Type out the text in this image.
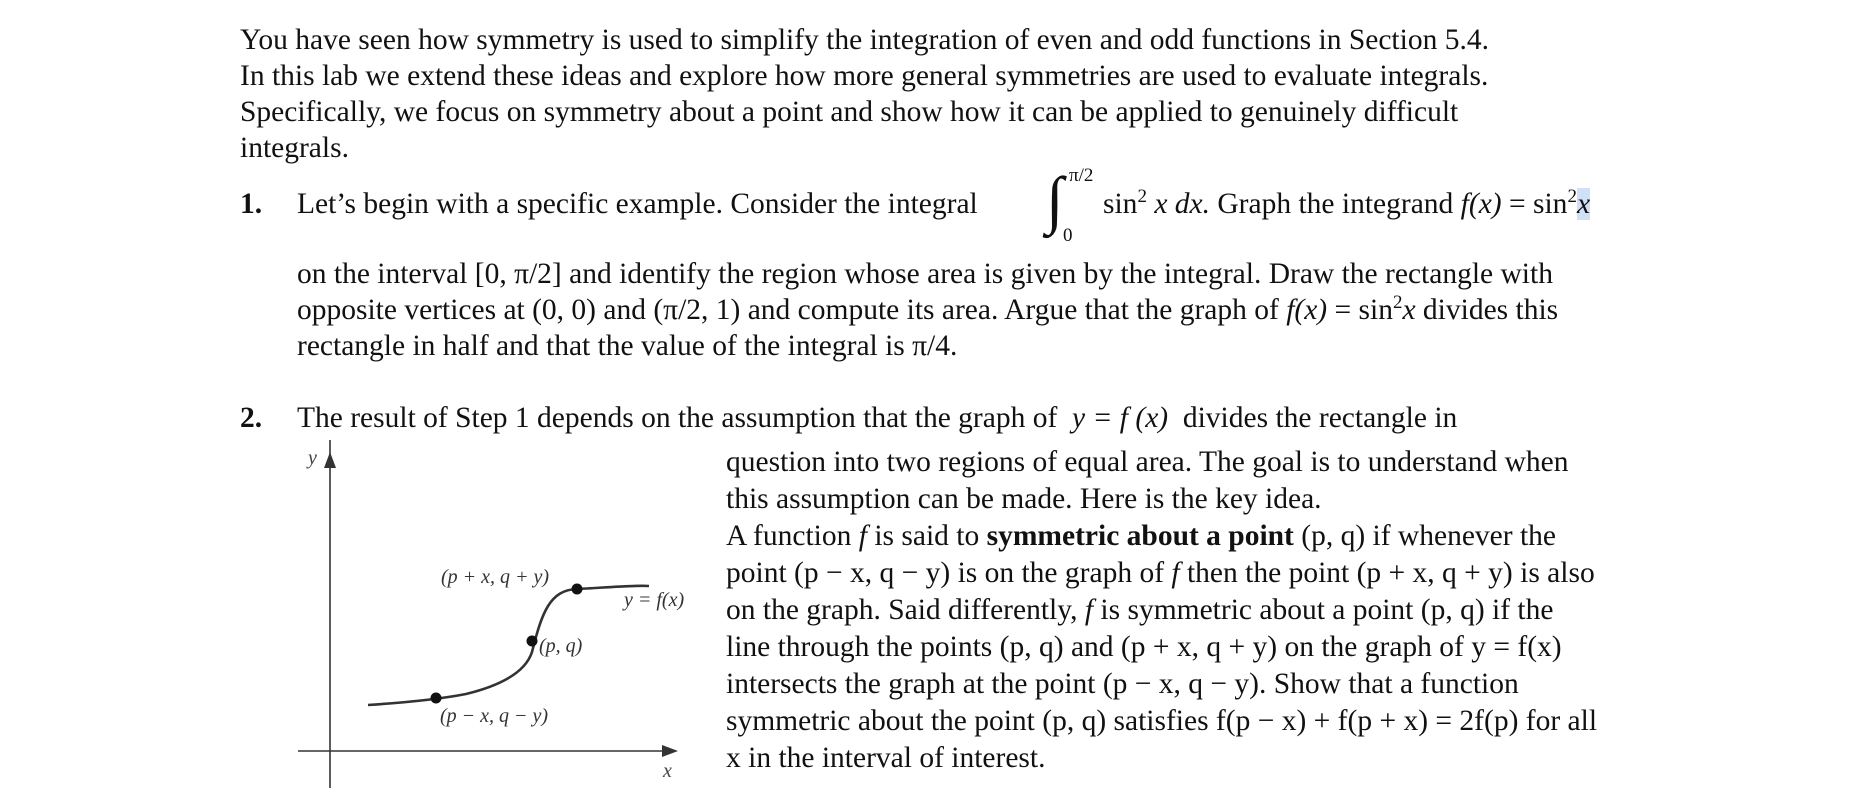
You have seen how symmetry is used to simplify the integration of even and odd functions in Section 5.4.
In this lab we extend these ideas and explore how more general symmetries are used to evaluate integrals.
Specifically, we focus on symmetry about a point and show how it can be applied to genuinely difficult
integrals.
1. Let’s begin with a specific example. Consider the integral ∫ π/2
0
$\sin^2 x$ dx. Graph the integrand $f(x) = \sin^2x$
on the interval [0, π/2] and identify the region whose area is given by the integral. Draw the rectangle with
opposite vertices at (0, 0) and (π/2, 1) and compute its area. Argue that the graph of $f(x) = \sin^2x$ divides this
rectangle in half and that the value of the integral is π/4.
2. The result of Step 1 depends on the assumption that the graph of y = f (x) divides the rectangle in
question into two regions of equal area. The goal is to understand when
this assumption can be made. Here is the key idea.
A function f is said to symmetric about a point (p, q) if whenever the
point (p − x, q − y) is on the graph of f then the point (p + x, q + y) is also
on the graph. Said differently, f is symmetric about a point (p, q) if the
line through the points (p, q) and (p + x, q + y) on the graph of y = f(x)
intersects the graph at the point (p − x, q − y). Show that a function
symmetric about the point (p, q) satisfies f(p − x) + f(p + x) = 2f(p) for all
x in the interval of interest.
y
x
(p + x, q + y)
(p, q)
(p − x, q − y)
y = f(x)
